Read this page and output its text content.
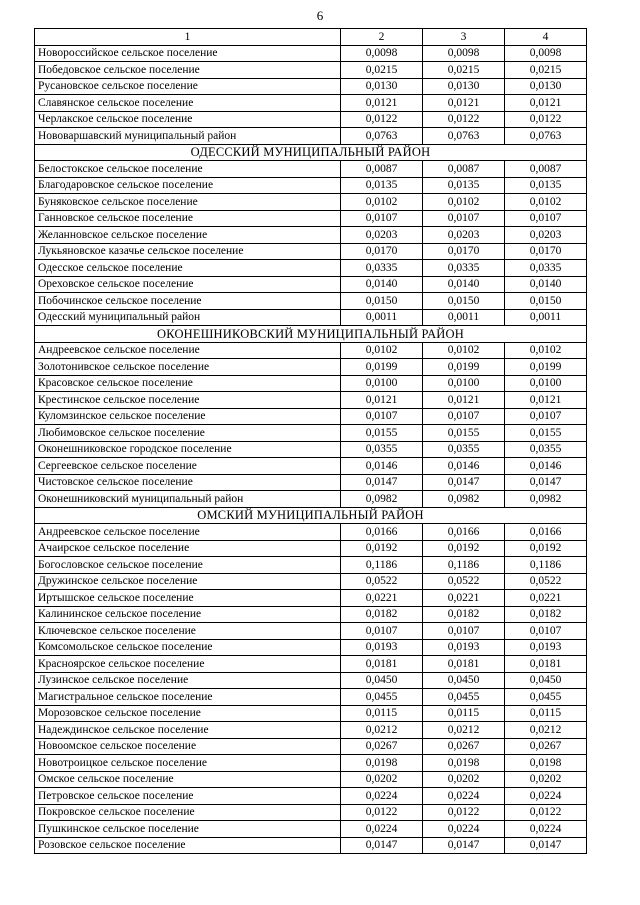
6
1	2	3	4
Новороссийское сельское поселение	0,0098	0,0098	0,0098
Победовское сельское поселение	0,0215	0,0215	0,0215
Русановское сельское поселение	0,0130	0,0130	0,0130
Славянское сельское поселение	0,0121	0,0121	0,0121
Черлакское сельское поселение	0,0122	0,0122	0,0122
Нововаршавский муниципальный район	0,0763	0,0763	0,0763
ОДЕССКИЙ МУНИЦИПАЛЬНЫЙ РАЙОН			
Белостокское сельское поселение	0,0087	0,0087	0,0087
Благодаровское сельское поселение	0,0135	0,0135	0,0135
Буняковское сельское поселение	0,0102	0,0102	0,0102
Ганновское сельское поселение	0,0107	0,0107	0,0107
Желанновское сельское поселение	0,0203	0,0203	0,0203
Лукьяновское казачье сельское поселение	0,0170	0,0170	0,0170
Одесское сельское поселение	0,0335	0,0335	0,0335
Ореховское сельское поселение	0,0140	0,0140	0,0140
Побочинское сельское поселение	0,0150	0,0150	0,0150
Одесский муниципальный район	0,0011	0,0011	0,0011
ОКОНЕШНИКОВСКИЙ МУНИЦИПАЛЬНЫЙ РАЙОН			
Андреевское сельское поселение	0,0102	0,0102	0,0102
Золотонивское сельское поселение	0,0199	0,0199	0,0199
Красовское сельское поселение	0,0100	0,0100	0,0100
Крестинское сельское поселение	0,0121	0,0121	0,0121
Куломзинское сельское поселение	0,0107	0,0107	0,0107
Любимовское сельское поселение	0,0155	0,0155	0,0155
Оконешниковское городское поселение	0,0355	0,0355	0,0355
Сергеевское сельское поселение	0,0146	0,0146	0,0146
Чистовское сельское поселение	0,0147	0,0147	0,0147
Оконешниковский муниципальный район	0,0982	0,0982	0,0982
ОМСКИЙ МУНИЦИПАЛЬНЫЙ РАЙОН			
Андреевское сельское поселение	0,0166	0,0166	0,0166
Ачаирское сельское поселение	0,0192	0,0192	0,0192
Богословское сельское поселение	0,1186	0,1186	0,1186
Дружинское сельское поселение	0,0522	0,0522	0,0522
Иртышское сельское поселение	0,0221	0,0221	0,0221
Калининское сельское поселение	0,0182	0,0182	0,0182
Ключевское сельское поселение	0,0107	0,0107	0,0107
Комсомольское сельское поселение	0,0193	0,0193	0,0193
Красноярское сельское поселение	0,0181	0,0181	0,0181
Лузинское сельское поселение	0,0450	0,0450	0,0450
Магистральное сельское поселение	0,0455	0,0455	0,0455
Морозовское сельское поселение	0,0115	0,0115	0,0115
Надеждинское сельское поселение	0,0212	0,0212	0,0212
Новоомское сельское поселение	0,0267	0,0267	0,0267
Новотроицкое сельское поселение	0,0198	0,0198	0,0198
Омское сельское поселение	0,0202	0,0202	0,0202
Петровское сельское поселение	0,0224	0,0224	0,0224
Покровское сельское поселение	0,0122	0,0122	0,0122
Пушкинское сельское поселение	0,0224	0,0224	0,0224
Розовское сельское поселение	0,0147	0,0147	0,0147
